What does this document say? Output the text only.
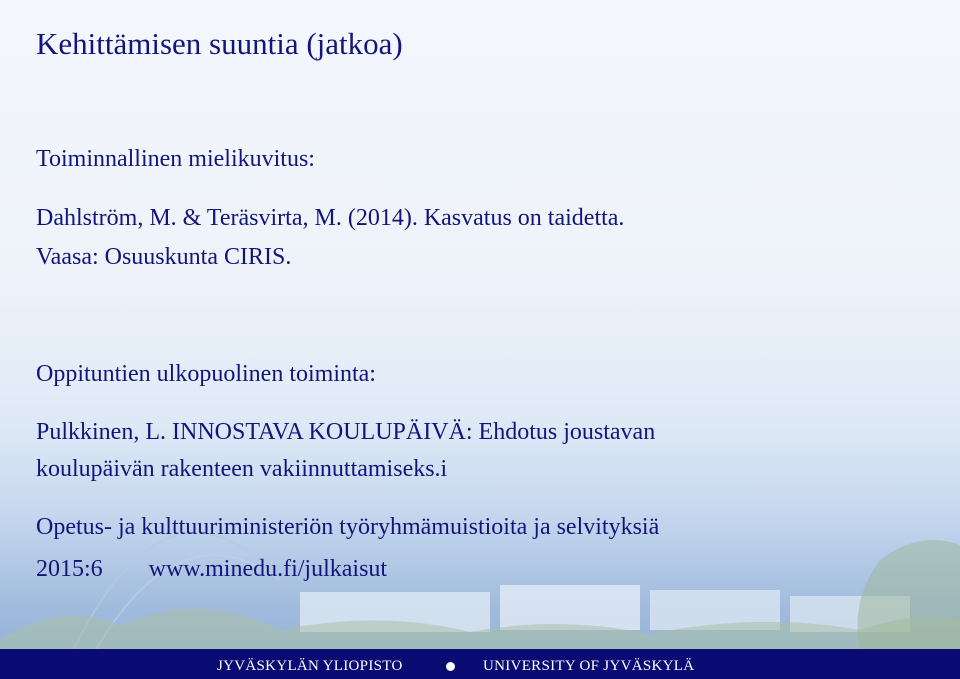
Kehittämisen suuntia (jatkoa)

Toiminnallinen mielikuvitus:

Dahlström, M. & Teräsvirta, M. (2014). Kasvatus on taidetta.

Vaasa: Osuuskunta CIRIS.

Oppituntien ulkopuolinen toiminta:

Pulkkinen, L. INNOSTAVA KOULUPÄIVÄ: Ehdotus joustavan

koulupäivän rakenteen vakiinnuttamiseks.i

Opetus- ja kulttuuriministeriön työryhmämuistioita ja selvityksiä

2015:6 www.minedu.fi/julkaisut

JYVÄSKYLÄN YLIOPISTO	UNIVERSITY OF JYVÄSKYLÄ
